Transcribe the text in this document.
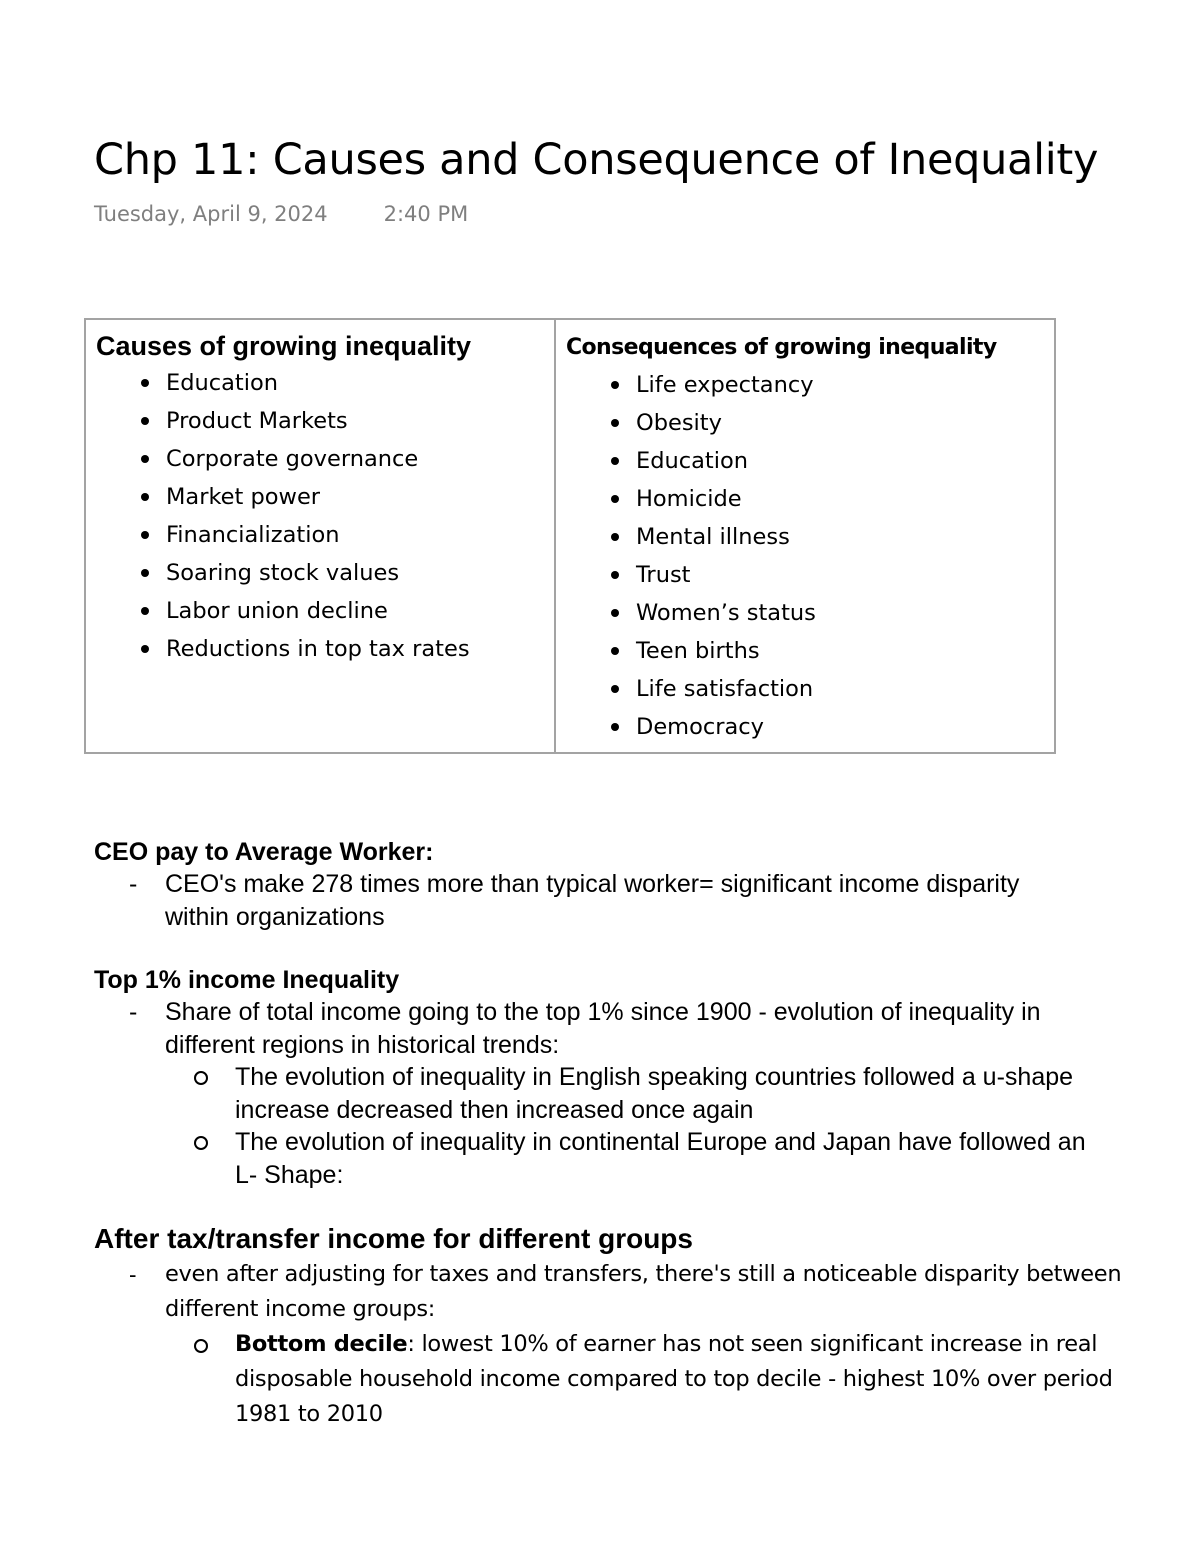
Chp 11: Causes and Consequence of Inequality
Tuesday, April 9, 2024	2:40 PM
Causes of growing inequality
Education
Product Markets
Corporate governance
Market power
Financialization
Soaring stock values
Labor union decline
Reductions in top tax rates

Consequences of growing inequality
Life expectancy
Obesity
Education
Homicide
Mental illness
Trust
Women’s status
Teen births
Life satisfaction
Democracy
CEO pay to Average Worker:
- CEO's make 278 times more than typical worker= significant income disparity
within organizations
Top 1% income Inequality
- Share of total income going to the top 1% since 1900 - evolution of inequality in
different regions in historical trends:
The evolution of inequality in English speaking countries followed a u-shape
increase decreased then increased once again
The evolution of inequality in continental Europe and Japan have followed an
L- Shape:
After tax/transfer income for different groups
- even after adjusting for taxes and transfers, there's still a noticeable disparity between
different income groups:
Bottom decile: lowest 10% of earner has not seen significant increase in real
disposable household income compared to top decile - highest 10% over period
1981 to 2010
